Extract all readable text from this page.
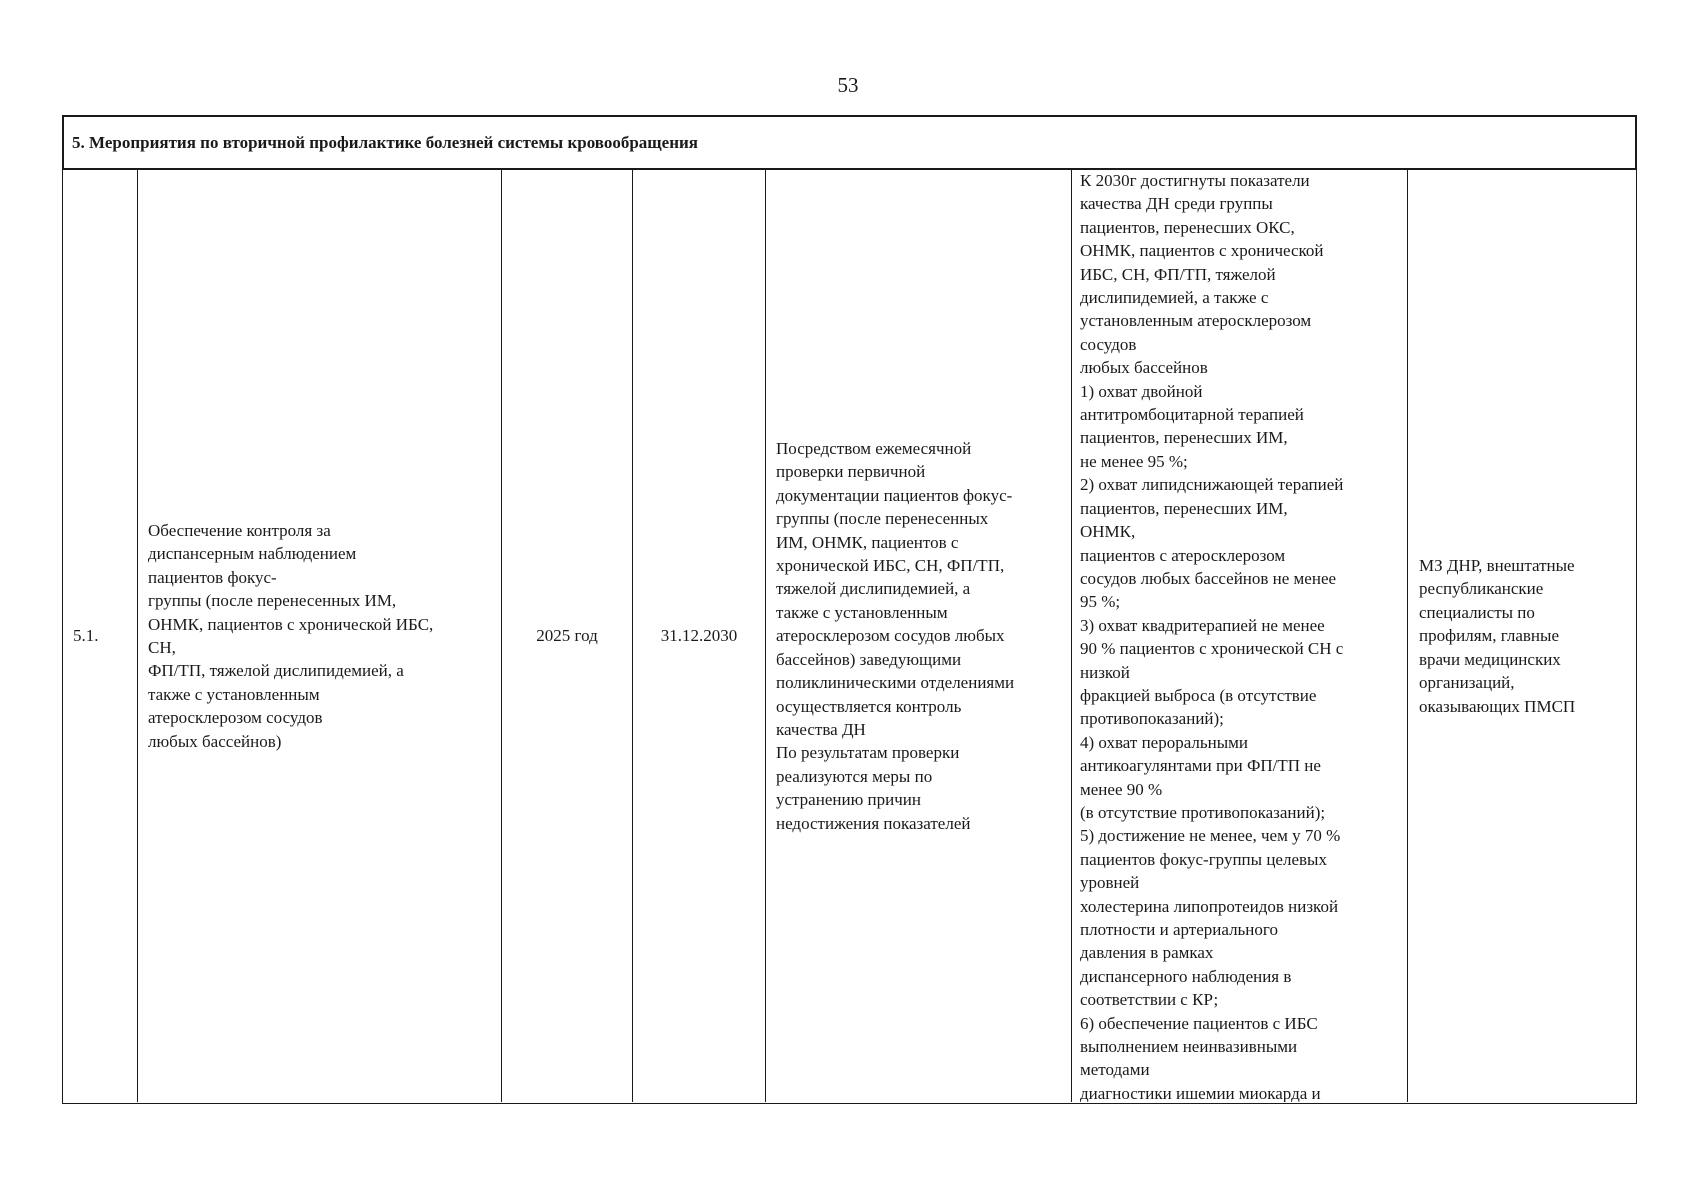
53
5. Мероприятия по вторичной профилактике болезней системы кровообращения
5.1.
Обеспечение контроля за
диспансерным наблюдением
пациентов фокус-
группы (после перенесенных ИМ,
ОНМК, пациентов с хронической ИБС,
СН,
ФП/ТП, тяжелой дислипидемией, а
также с установленным
атеросклерозом сосудов
любых бассейнов)
2025 год	31.12.2030
Посредством ежемесячной
проверки первичной
документации пациентов фокус-
группы (после перенесенных
ИМ, ОНМК, пациентов с
хронической ИБС, СН, ФП/ТП,
тяжелой дислипидемией, а
также с установленным
атеросклерозом сосудов любых
бассейнов) заведующими
поликлиническими отделениями
осуществляется контроль
качества ДН
По результатам проверки
реализуются меры по
устранению причин
недостижения показателей
К 2030г достигнуты показатели
качества ДН среди группы
пациентов, перенесших ОКС,
ОНМК, пациентов с хронической
ИБС, СН, ФП/ТП, тяжелой
дислипидемией, а также с
установленным атеросклерозом
сосудов
любых бассейнов
1) охват двойной
антитромбоцитарной терапией
пациентов, перенесших ИМ,
не менее 95 %;
2) охват липидснижающей терапией
пациентов, перенесших ИМ,
ОНМК,
пациентов с атеросклерозом
сосудов любых бассейнов не менее
95 %;
3) охват квадритерапией не менее
90 % пациентов с хронической СН с
низкой
фракцией выброса (в отсутствие
противопоказаний);
4) охват пероральными
антикоагулянтами при ФП/ТП не
менее 90 %
(в отсутствие противопоказаний);
5) достижение не менее, чем у 70 %
пациентов фокус-группы целевых
уровней
холестерина липопротеидов низкой
плотности и артериального
давления в рамках
диспансерного наблюдения в
соответствии с КР;
6) обеспечение пациентов с ИБС
выполнением неинвазивными
методами
диагностики ишемии миокарда и
МЗ ДНР, внештатные
республиканские
специалисты по
профилям, главные
врачи медицинских
организаций,
оказывающих ПМСП
